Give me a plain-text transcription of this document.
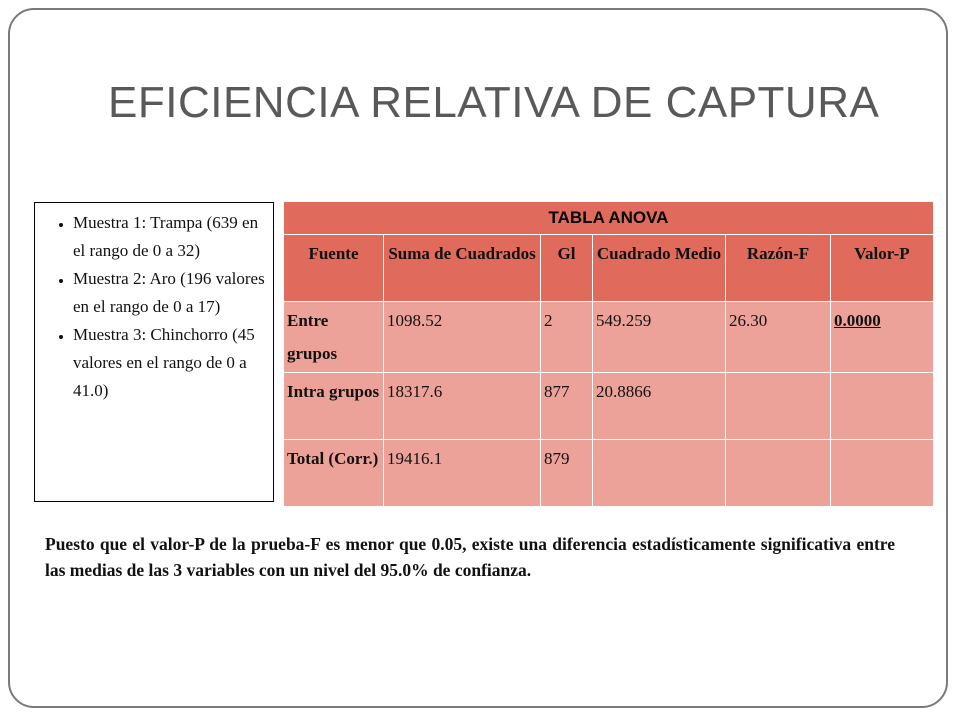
EFICIENCIA RELATIVA DE CAPTURA
• Muestra 1: Trampa (639 en el rango de 0 a 32)
• Muestra 2: Aro (196 valores en el rango de 0 a 17)
• Muestra 3: Chinchorro (45 valores en el rango de 0 a 41.0)
TABLA ANOVA					
Fuente	Suma de Cuadrados	Gl	Cuadrado Medio	Razón-F	Valor-P
Entre grupos	1098.52	2	549.259	26.30	0.0000
Intra grupos	18317.6	877	20.8866		
Total (Corr.)	19416.1	879			
Puesto que el valor-P de la prueba-F es menor que 0.05, existe una diferencia estadísticamente significativa entre las medias de las 3 variables con un nivel del 95.0% de confianza.
